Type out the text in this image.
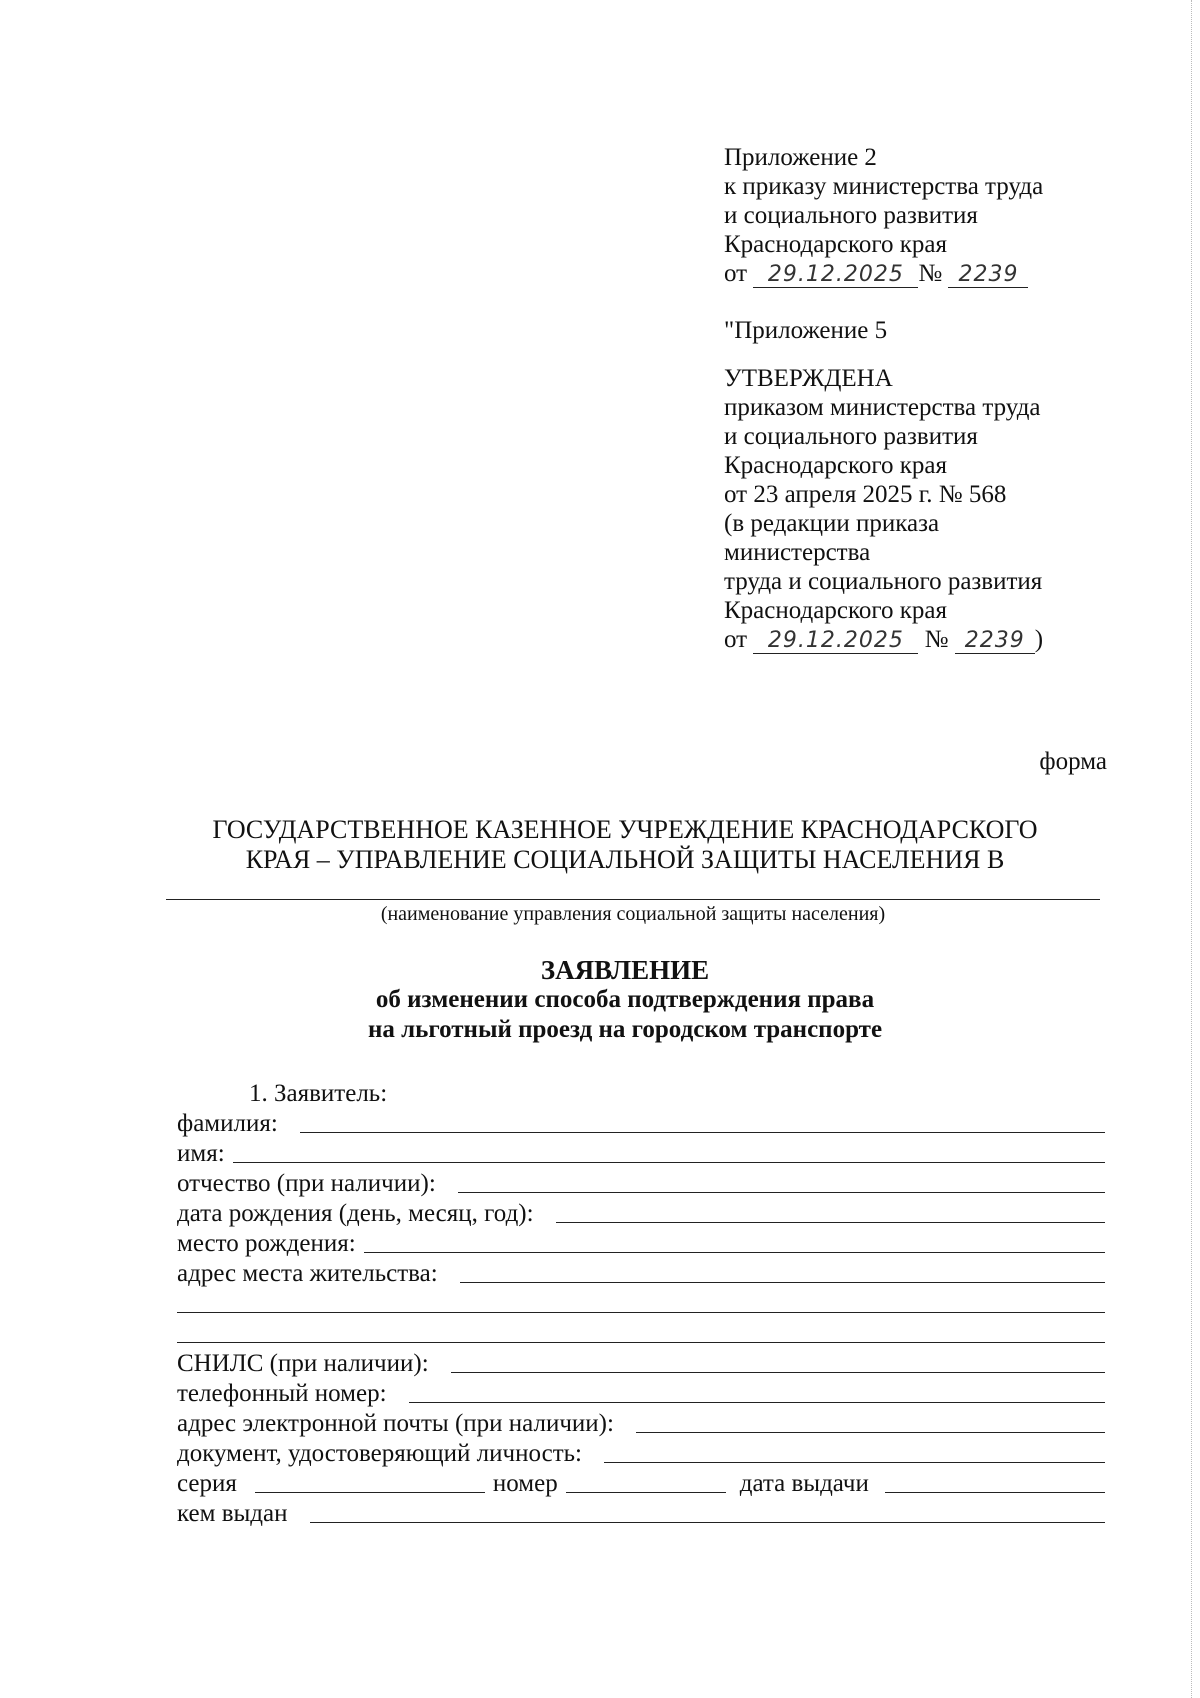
Приложение 2
к приказу министерства труда
и социального развития
Краснодарского края
от 29.12.2025 № 2239
"Приложение 5
УТВЕРЖДЕНА
приказом министерства труда
и социального развития
Краснодарского края
от 23 апреля 2025 г. № 568
(в редакции приказа
министерства
труда и социального развития
Краснодарского края
от 29.12.2025 № 2239 )
форма
ГОСУДАРСТВЕННОЕ КАЗЕННОЕ УЧРЕЖДЕНИЕ КРАСНОДАРСКОГО
КРАЯ – УПРАВЛЕНИЕ СОЦИАЛЬНОЙ ЗАЩИТЫ НАСЕЛЕНИЯ В
(наименование управления социальной защиты населения)
ЗАЯВЛЕНИЕ
об изменении способа подтверждения права
на льготный проезд на городском транспорте
1. Заявитель:
фамилия:
имя:
отчество (при наличии):
дата рождения (день, месяц, год):
место рождения:
адрес места жительства:
СНИЛС (при наличии):
телефонный номер:
адрес электронной почты (при наличии):
документ, удостоверяющий личность:
серия	номер	дата выдачи
кем выдан
